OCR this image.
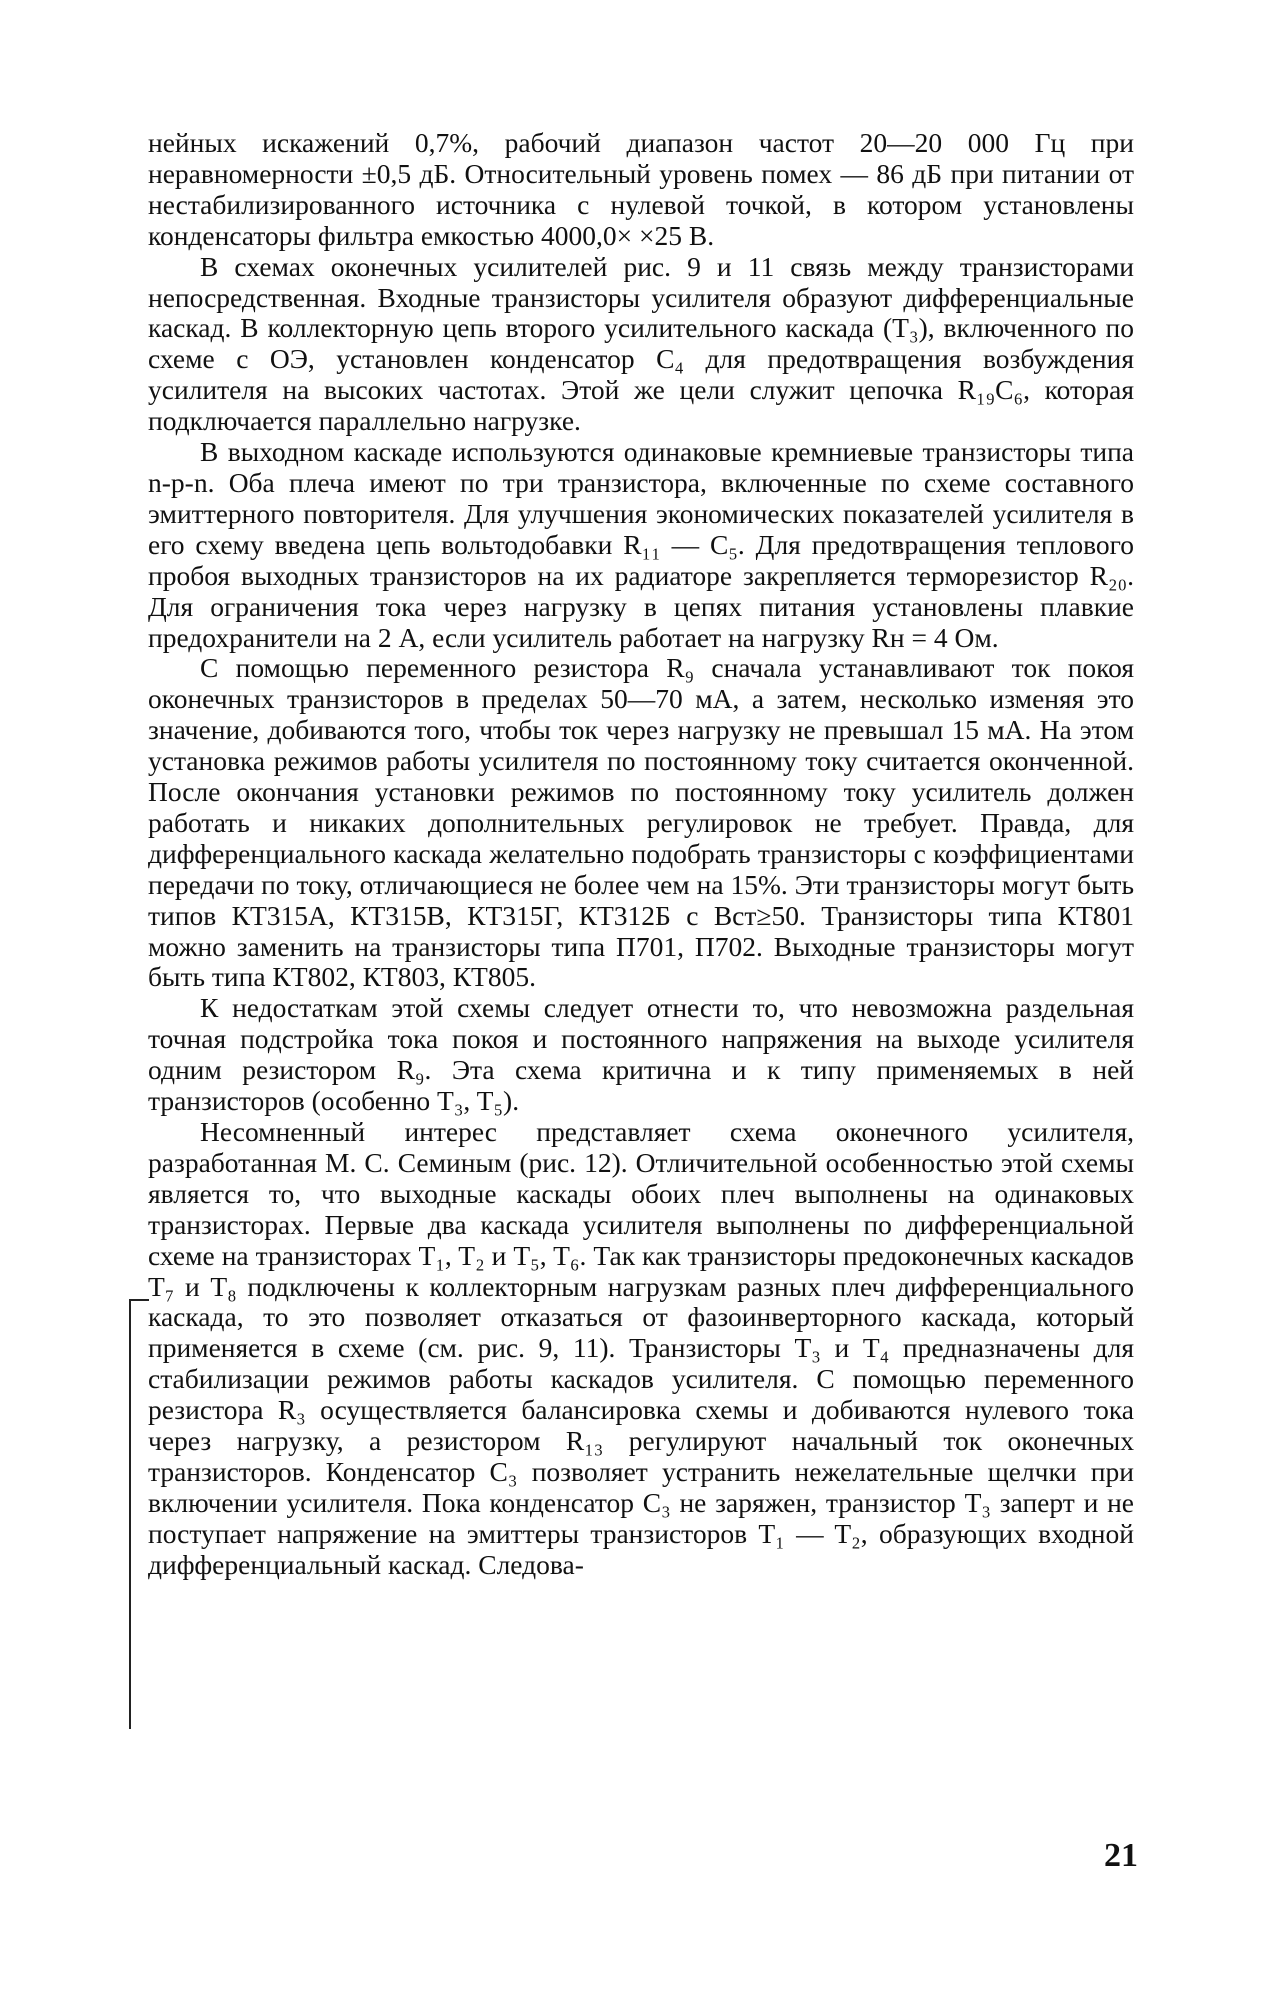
нейных искажений 0,7%, рабочий диапазон частот 20—20 000 Гц при неравномерности ±0,5 дБ. Относительный уровень помех — 86 дБ при питании от нестабилизированного источника с нулевой точкой, в котором установлены конденсаторы фильтра емкостью 4000,0× ×25 В.

В схемах оконечных усилителей рис. 9 и 11 связь между транзисторами непосредственная. Входные транзисторы усилителя образуют дифференциальные каскад. В коллекторную цепь второго усилительного каскада (T₃), включенного по схеме с ОЭ, установлен конденсатор C₄ для предотвращения возбуждения усилителя на высоких частотах. Этой же цели служит цепочка R₁₉C₆, которая подключается параллельно нагрузке.

В выходном каскаде используются одинаковые кремниевые транзисторы типа n-p-n. Оба плеча имеют по три транзистора, включенные по схеме составного эмиттерного повторителя. Для улучшения экономических показателей усилителя в его схему введена цепь вольтодобавки R₁₁ — C₅. Для предотвращения теплового пробоя выходных транзисторов на их радиаторе закрепляется терморезистор R₂₀. Для ограничения тока через нагрузку в цепях питания установлены плавкие предохранители на 2 А, если усилитель работает на нагрузку Rн = 4 Ом.

С помощью переменного резистора R₉ сначала устанавливают ток покоя оконечных транзисторов в пределах 50—70 мА, а затем, несколько изменяя это значение, добиваются того, чтобы ток через нагрузку не превышал 15 мА. На этом установка режимов работы усилителя по постоянному току считается оконченной. После окончания установки режимов по постоянному току усилитель должен работать и никаких дополнительных регулировок не требует. Правда, для дифференциального каскада желательно подобрать транзисторы с коэффициентами передачи по току, отличающиеся не более чем на 15%. Эти транзисторы могут быть типов КТ315А, КТ315В, КТ315Г, КТ312Б с Bст≥50. Транзисторы типа КТ801 можно заменить на транзисторы типа П701, П702. Выходные транзисторы могут быть типа КТ802, КТ803, КТ805.

К недостаткам этой схемы следует отнести то, что невозможна раздельная точная подстройка тока покоя и постоянного напряжения на выходе усилителя одним резистором R₉. Эта схема критична и к типу применяемых в ней транзисторов (особенно T₃, T₅).

Несомненный интерес представляет схема оконечного усилителя, разработанная М. С. Семиным (рис. 12). Отличительной особенностью этой схемы является то, что выходные каскады обоих плеч выполнены на одинаковых транзисторах. Первые два каскада усилителя выполнены по дифференциальной схеме на транзисторах T₁, T₂ и T₅, T₆. Так как транзисторы предоконечных каскадов T₇ и T₈ подключены к коллекторным нагрузкам разных плеч дифференциального каскада, то это позволяет отказаться от фазоинверторного каскада, который применяется в схеме (см. рис. 9, 11). Транзисторы T₃ и T₄ предназначены для стабилизации режимов работы каскадов усилителя. С помощью переменного резистора R₃ осуществляется балансировка схемы и добиваются нулевого тока через нагрузку, а резистором R₁₃ регулируют начальный ток оконечных транзисторов. Конденсатор C₃ позволяет устранить нежелательные щелчки при включении усилителя. Пока конденсатор C₃ не заряжен, транзистор T₃ заперт и не поступает напряжение на эмиттеры транзисторов T₁ — T₂, образующих входной дифференциальный каскад. Следова-

21
